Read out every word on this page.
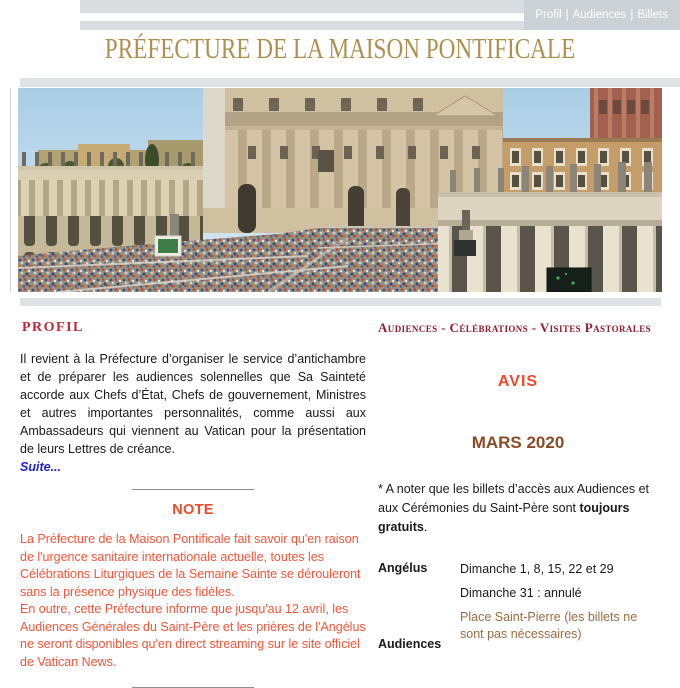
Profil | Audiences | Billets
PRÉFECTURE DE LA MAISON PONTIFICALE
PROFIL

Il revient à la Préfecture d’organiser le service d’antichambre et de préparer les audiences solennelles que Sa Sainteté accorde aux Chefs d’État, Chefs de gouvernement, Ministres et autres importantes personnalités, comme aussi aux Ambassadeurs qui viennent au Vatican pour la présentation de leurs Lettres de créance.

Suite...
NOTE

La Préfecture de la Maison Pontificale fait savoir qu'en raison de l'urgence sanitaire internationale actuelle, toutes les Célébrations Liturgiques de la Semaine Sainte se dérouleront sans la présence physique des fidèles.

En outre, cette Préfecture informe que jusqu'au 12 avril, les Audiences Générales du Saint-Père et les prières de l'Angélus ne seront disponibles qu'en direct streaming sur le site officiel de Vatican News.

Audiences - Célébrations - Visites Pastorales
AVIS
MARS 2020

* A noter que les billets d’accès aux Audiences et aux Cérémonies du Saint-Père sont toujours gratuits.

Angélus	Dimanche 1, 8, 15, 22 et 29

Dimanche 31 : annulé

Place Saint-Pierre (les billets ne sont pas nécessaires)

Audiences
